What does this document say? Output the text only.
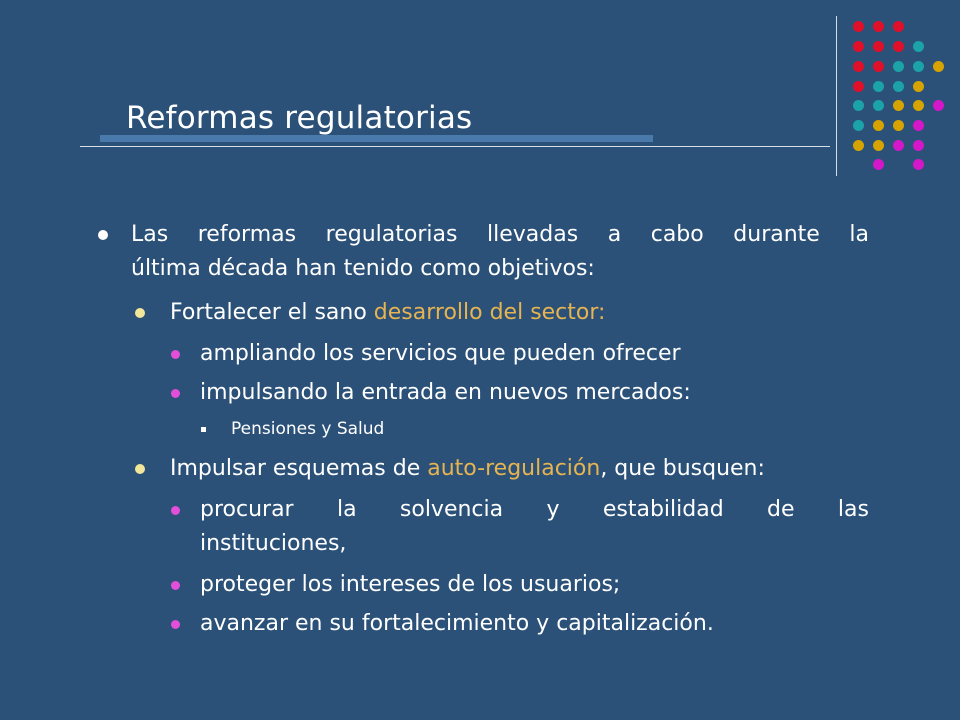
Reformas regulatorias
Las reformas regulatorias llevadas a cabo durante la
última década han tenido como objetivos:
Fortalecer el sano desarrollo del sector:
ampliando los servicios que pueden ofrecer
impulsando la entrada en nuevos mercados:
Pensiones y Salud
Impulsar esquemas de auto-regulación, que busquen:
procurar la solvencia y estabilidad de las
instituciones,
proteger los intereses de los usuarios;
avanzar en su fortalecimiento y capitalización.
